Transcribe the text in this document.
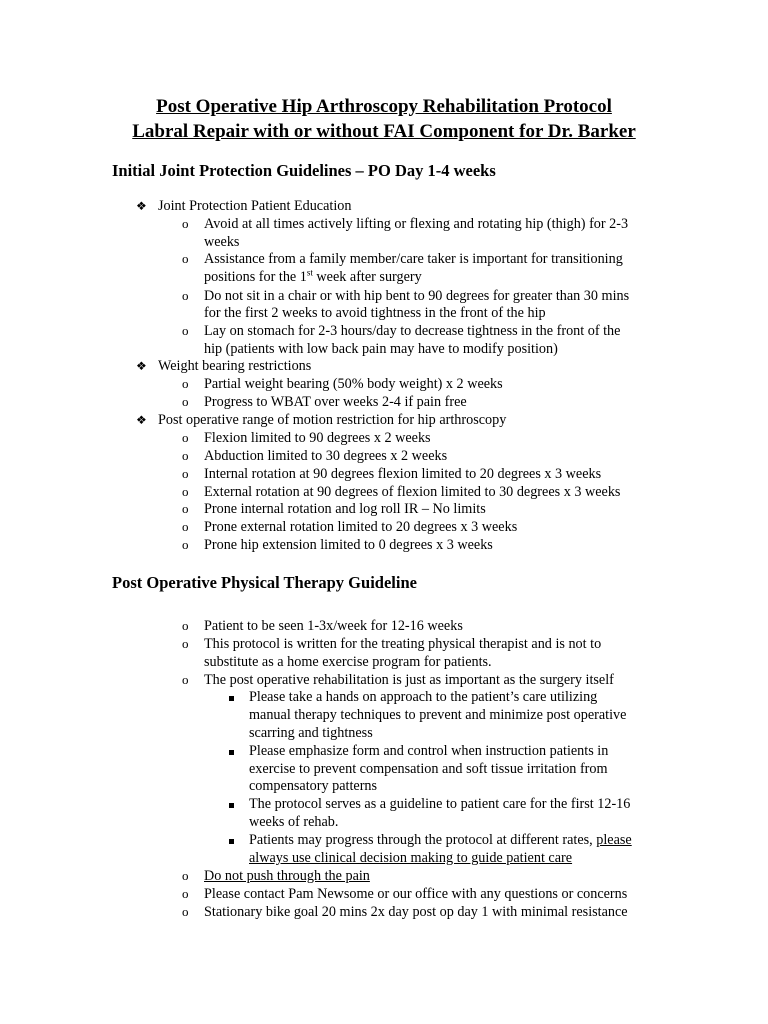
Post Operative Hip Arthroscopy Rehabilitation Protocol
Labral Repair with or without FAI Component for Dr. Barker
Initial Joint Protection Guidelines – PO Day 1-4 weeks
❖ Joint Protection Patient Education
o Avoid at all times actively lifting or flexing and rotating hip (thigh) for 2-3
weeks
o Assistance from a family member/care taker is important for transitioning
positions for the 1st week after surgery
o Do not sit in a chair or with hip bent to 90 degrees for greater than 30 mins
for the first 2 weeks to avoid tightness in the front of the hip
o Lay on stomach for 2-3 hours/day to decrease tightness in the front of the
hip (patients with low back pain may have to modify position)
❖ Weight bearing restrictions
o Partial weight bearing (50% body weight) x 2 weeks
o Progress to WBAT over weeks 2-4 if pain free
❖ Post operative range of motion restriction for hip arthroscopy
o Flexion limited to 90 degrees x 2 weeks
o Abduction limited to 30 degrees x 2 weeks
o Internal rotation at 90 degrees flexion limited to 20 degrees x 3 weeks
o External rotation at 90 degrees of flexion limited to 30 degrees x 3 weeks
o Prone internal rotation and log roll IR – No limits
o Prone external rotation limited to 20 degrees x 3 weeks
o Prone hip extension limited to 0 degrees x 3 weeks
Post Operative Physical Therapy Guideline
o Patient to be seen 1-3x/week for 12-16 weeks
o This protocol is written for the treating physical therapist and is not to
substitute as a home exercise program for patients.
o The post operative rehabilitation is just as important as the surgery itself
Please take a hands on approach to the patient’s care utilizing
manual therapy techniques to prevent and minimize post operative
scarring and tightness
Please emphasize form and control when instruction patients in
exercise to prevent compensation and soft tissue irritation from
compensatory patterns
The protocol serves as a guideline to patient care for the first 12-16
weeks of rehab.
Patients may progress through the protocol at different rates, please
always use clinical decision making to guide patient care
o Do not push through the pain
o Please contact Pam Newsome or our office with any questions or concerns
o Stationary bike goal 20 mins 2x day post op day 1 with minimal resistance
